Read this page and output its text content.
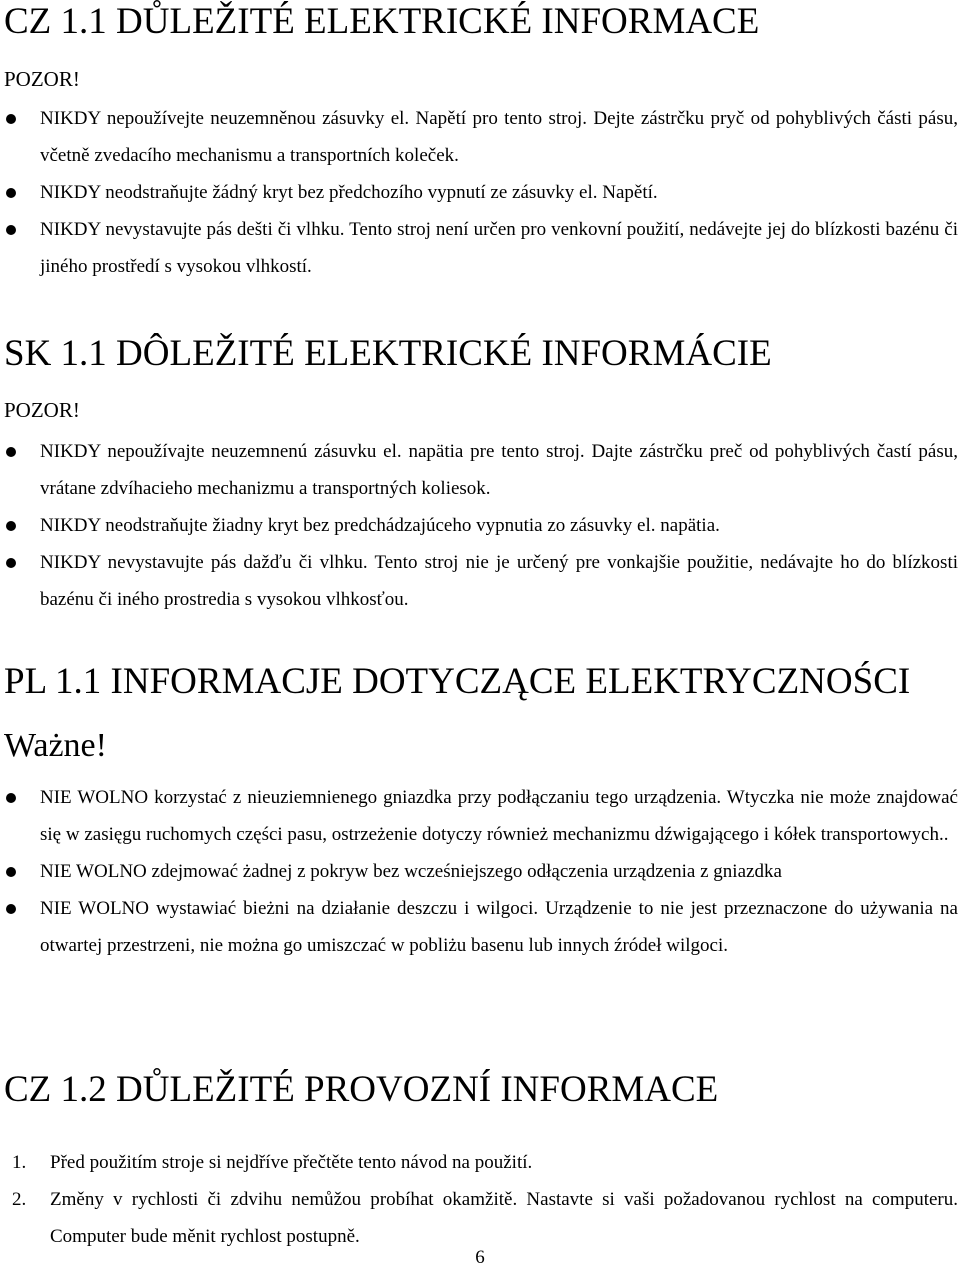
CZ 1.1 DŮLEŽITÉ ELEKTRICKÉ INFORMACE

POZOR!

NIKDY nepoužívejte neuzemněnou zásuvky el. Napětí pro tento stroj. Dejte zástrčku pryč od pohyblivých části pásu, včetně zvedacího mechanismu a transportních koleček.
NIKDY neodstraňujte žádný kryt bez předchozího vypnutí ze zásuvky el. Napětí.
NIKDY nevystavujte pás dešti či vlhku. Tento stroj není určen pro venkovní použití, nedávejte jej do blízkosti bazénu či jiného prostředí s vysokou vlhkostí.
SK 1.1 DÔLEŽITÉ ELEKTRICKÉ INFORMÁCIE

POZOR!

NIKDY nepoužívajte neuzemnenú zásuvku el. napätia pre tento stroj. Dajte zástrčku preč od pohyblivých častí pásu, vrátane zdvíhacieho mechanizmu a transportných koliesok.
NIKDY neodstraňujte žiadny kryt bez predchádzajúceho vypnutia zo zásuvky el. napätia.
NIKDY nevystavujte pás dažďu či vlhku. Tento stroj nie je určený pre vonkajšie použitie, nedávajte ho do blízkosti bazénu či iného prostredia s vysokou vlhkosťou.
PL 1.1 INFORMACJE DOTYCZĄCE ELEKTRYCZNOŚCI

Ważne!

NIE WOLNO korzystać z nieuziemnienego gniazdka przy podłączaniu tego urządzenia. Wtyczka nie może znajdować się w zasięgu ruchomych części pasu, ostrzeżenie dotyczy również mechanizmu dźwigającego i kółek transportowych..
NIE WOLNO zdejmować żadnej z pokryw bez wcześniejszego odłączenia urządzenia z gniazdka
NIE WOLNO wystawiać bieżni na działanie deszczu i wilgoci. Urządzenie to nie jest przeznaczone do używania na otwartej przestrzeni, nie można go umiszczać w pobliżu basenu lub innych źródeł wilgoci.
CZ 1.2 DŮLEŽITÉ PROVOZNÍ INFORMACE
1. Před použitím stroje si nejdříve přečtěte tento návod na použití.
2. Změny v rychlosti či zdvihu nemůžou probíhat okamžitě. Nastavte si vaši požadovanou rychlost na computeru. Computer bude měnit rychlost postupně.
6
